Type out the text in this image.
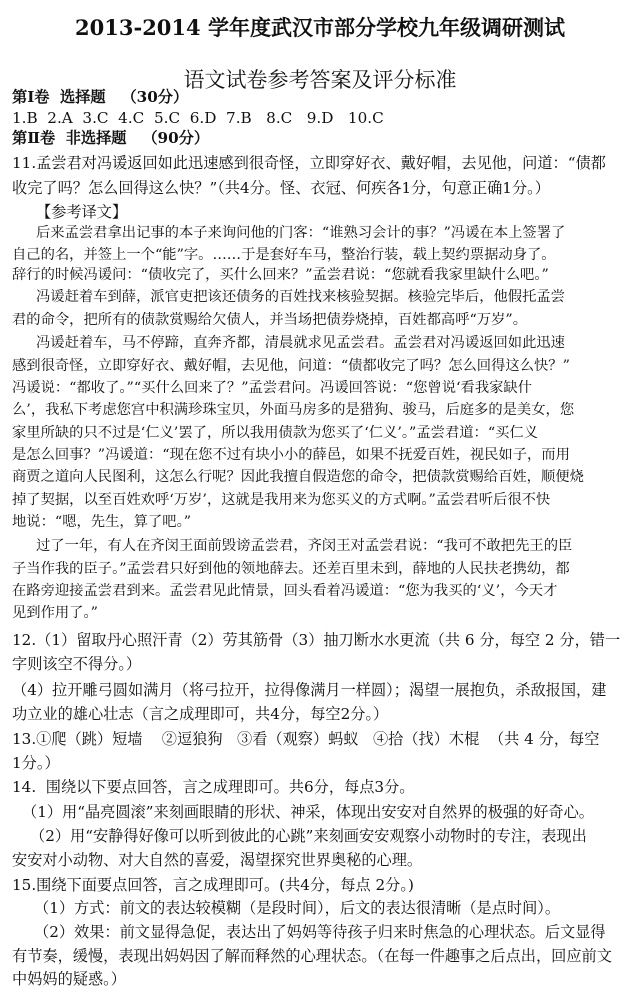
2013-2014 学年度武汉市部分学校九年级调研测试
语文试卷参考答案及评分标准
第Ⅰ卷  选择题   （30分）
1.B  2.A  3.C  4.C  5.C  6.D  7.B   8.C   9.D   10.C
第Ⅱ卷  非选择题   （90分）
11.孟尝君对冯谖返回如此迅速感到很奇怪，立即穿好衣、戴好帽，去见他，问道：“债都
收完了吗？怎么回得这么快？”（共4分。怪、衣冠、何疾各1分，句意正确1分。）
【参考译文】
后来孟尝君拿出记事的本子来询问他的门客：“谁熟习会计的事？”冯谖在本上签署了
自己的名，并签上一个“能”字。……于是套好车马，整治行装，载上契约票据动身了。
辞行的时候冯谖问：“债收完了，买什么回来？”孟尝君说：“您就看我家里缺什么吧。”
冯谖赶着车到薛，派官吏把该还债务的百姓找来核验契据。核验完毕后，他假托孟尝
君的命令，把所有的债款赏赐给欠债人，并当场把债券烧掉，百姓都高呼“万岁”。
冯谖赶着车，马不停蹄，直奔齐都，清晨就求见孟尝君。孟尝君对冯谖返回如此迅速
感到很奇怪，立即穿好衣、戴好帽，去见他，问道：“债都收完了吗？怎么回得这么快？”
冯谖说：“都收了。”“买什么回来了？”孟尝君问。冯谖回答说：“您曾说‘看我家缺什
么’，我私下考虑您宫中积满珍珠宝贝，外面马房多的是猎狗、骏马，后庭多的是美女，您
家里所缺的只不过是‘仁义’罢了，所以我用债款为您买了‘仁义’。”孟尝君道：“买仁义
是怎么回事？”冯谖道：“现在您不过有块小小的薛邑，如果不抚爱百姓，视民如子，而用
商贾之道向人民图利，这怎么行呢？因此我擅自假造您的命令，把债款赏赐给百姓，顺便烧
掉了契据，以至百姓欢呼‘万岁’，这就是我用来为您买义的方式啊。”孟尝君听后很不快
地说：“嗯，先生，算了吧。”
过了一年，有人在齐闵王面前毁谤孟尝君，齐闵王对孟尝君说：“我可不敢把先王的臣
子当作我的臣子。”孟尝君只好到他的领地薛去。还差百里未到，薛地的人民扶老携幼，都
在路旁迎接孟尝君到来。孟尝君见此情景，回头看着冯谖道：“您为我买的‘义’，今天才
见到作用了。”
12.（1）留取丹心照汗青（2）劳其筋骨（3）抽刀断水水更流（共 6 分，每空 2 分，错一
字则该空不得分。）
（4）拉开雕弓圆如满月（将弓拉开，拉得像满月一样圆）；渴望一展抱负，杀敌报国，建
功立业的雄心壮志（言之成理即可，共4分，每空2分。）
13.①爬（跳）短墙    ②逗狼狗   ③看（观察）蚂蚁   ④拾（找）木棍  （共 4 分，每空
1分。）
14.  围绕以下要点回答，言之成理即可。共6分，每点3分。
（1）用“晶亮圆滚”来刻画眼睛的形状、神采，体现出安安对自然界的极强的好奇心。
（2）用“安静得好像可以听到彼此的心跳”来刻画安安观察小动物时的专注，表现出
安安对小动物、对大自然的喜爱，渴望探究世界奥秘的心理。
15.围绕下面要点回答，言之成理即可。(共4分，每点 2分。)
（1）方式：前文的表达较模糊（是段时间），后文的表达很清晰（是点时间）。
（2）效果：前文显得急促，表达出了妈妈等待孩子归来时焦急的心理状态。后文显得
有节奏，缓慢，表现出妈妈因了解而释然的心理状态。（在每一件趣事之后点出，回应前文
中妈妈的疑惑。）
